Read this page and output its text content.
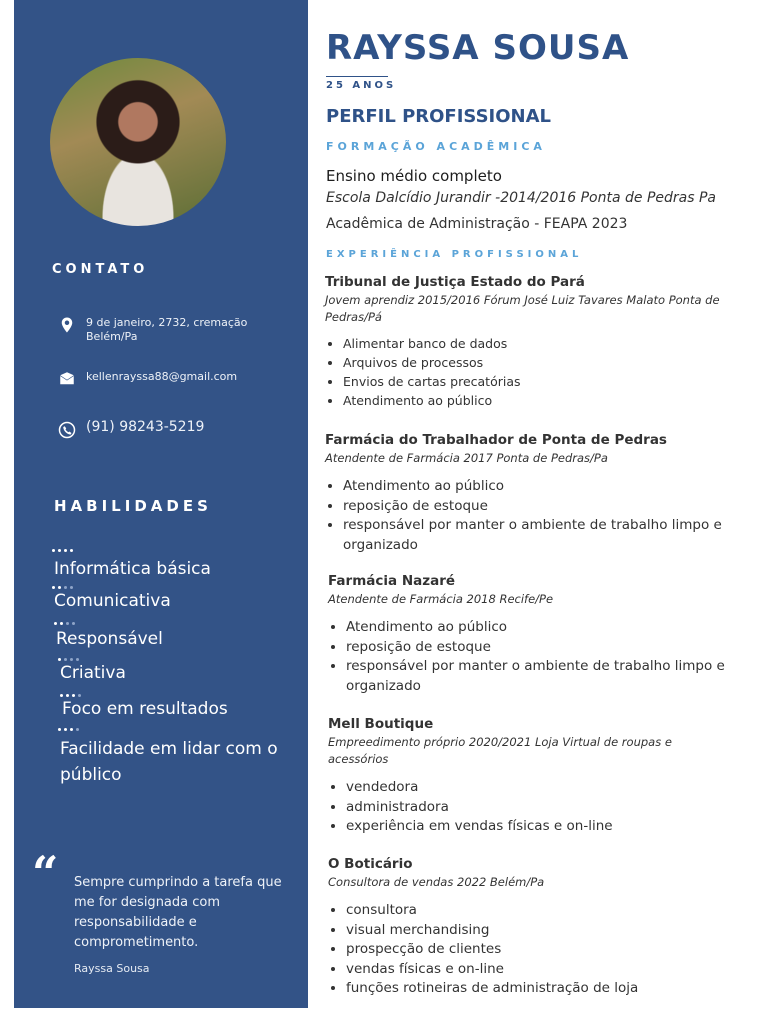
CONTATO
9 de janeiro, 2732, cremação Belém/Pa
kellenrayssa88@gmail.com
(91) 98243-5219
HABILIDADES
Informática básica
Comunicativa
Responsável
Criativa
Foco em resultados
Facilidade em lidar com o público
“ Sempre cumprindo a tarefa que me for designada com responsabilidade e comprometimento.
Rayssa Sousa
RAYSSA SOUSA
25 ANOS
PERFIL PROFISSIONAL
FORMAÇÃO ACADÊMICA
Ensino médio completo
Escola Dalcídio Jurandir -2014/2016 Ponta de Pedras Pa
Acadêmica de Administração - FEAPA 2023
EXPERIÊNCIA PROFISSIONAL
Tribunal de Justiça Estado do Pará
Jovem aprendiz 2015/2016 Fórum José Luiz Tavares Malato Ponta de Pedras/Pá
• Alimentar banco de dados
• Arquivos de processos
• Envios de cartas precatórias
• Atendimento ao público
Farmácia do Trabalhador de Ponta de Pedras
Atendente de Farmácia 2017 Ponta de Pedras/Pa
• Atendimento ao público
• reposição de estoque
• responsável por manter o ambiente de trabalho limpo e organizado
Farmácia Nazaré
Atendente de Farmácia 2018 Recife/Pe
• Atendimento ao público
• reposição de estoque
• responsável por manter o ambiente de trabalho limpo e organizado
Mell Boutique
Empreedimento próprio 2020/2021 Loja Virtual de roupas e acessórios
• vendedora
• administradora
• experiência em vendas físicas e on-line
O Boticário
Consultora de vendas 2022 Belém/Pa
• consultora
• visual merchandising
• prospecção de clientes
• vendas físicas e on-line
• funções rotineiras de administração de loja
